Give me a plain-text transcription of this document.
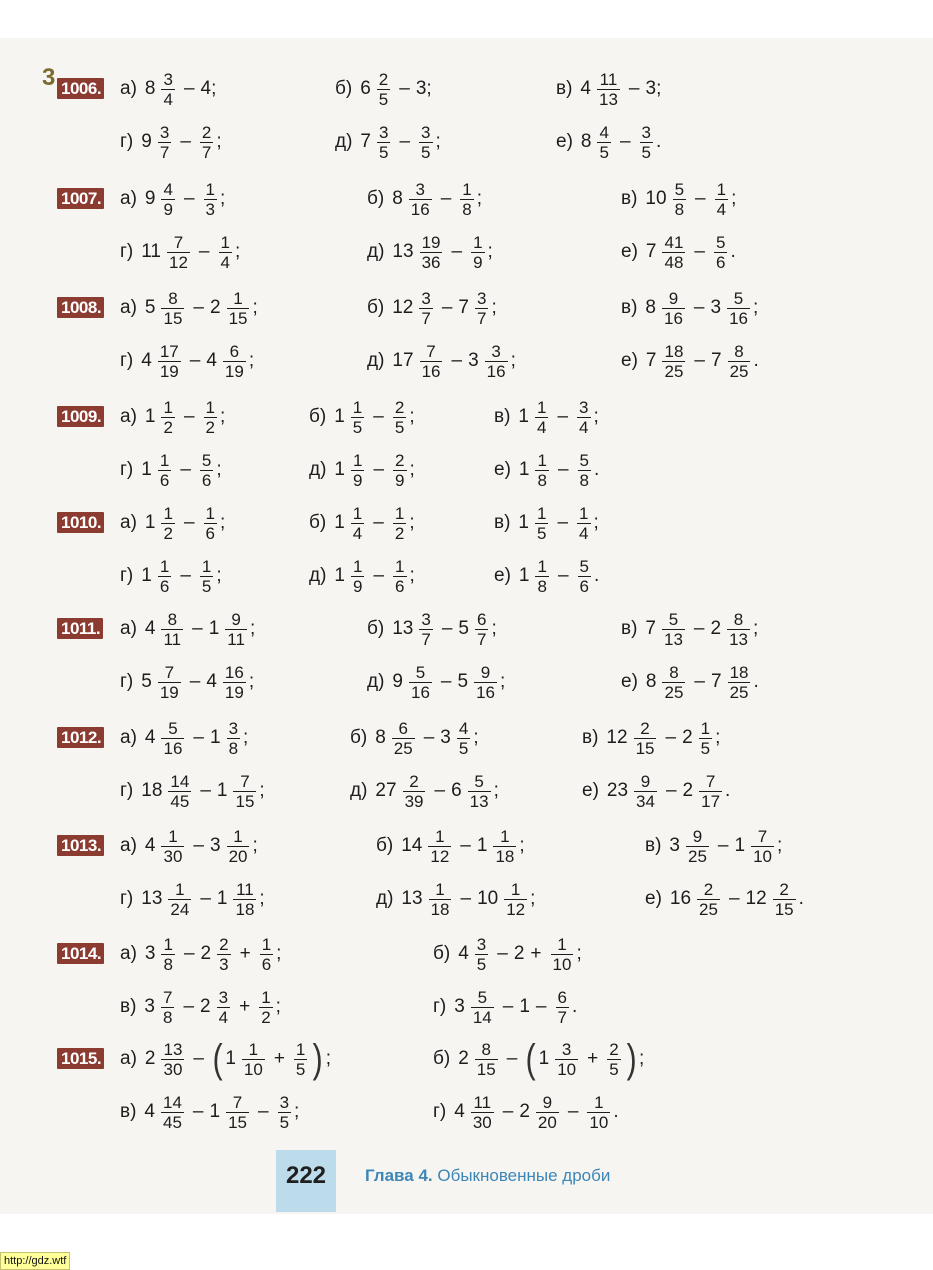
3 1006. а) $8 \frac{3}{4} - 4$ ;	б) $6 \frac{2}{5} - 3$ ;	в) $4 \frac{11}{13} - 3$ ;
г) $9 \frac{3}{7} - \frac{2}{7}$ ;	д) $7 \frac{3}{5} - \frac{3}{5}$ ;	е) $8 \frac{4}{5} - \frac{3}{5}$ .
1007. а) $9 \frac{4}{9} - \frac{1}{3}$ ;	б) $8 \frac{3}{16} - \frac{1}{8}$ ;	в) $10 \frac{5}{8} - \frac{1}{4}$ ;
г) $11 \frac{7}{12} - \frac{1}{4}$ ;	д) $13 \frac{19}{36} - \frac{1}{9}$ ;	е) $7 \frac{41}{48} - \frac{5}{6}$ .
1008. а) $5 \frac{8}{15} - 2 \frac{1}{15}$ ;	б) $12 \frac{3}{7} - 7 \frac{3}{7}$ ;	в) $8 \frac{9}{16} - 3 \frac{5}{16}$ ;
г) $4 \frac{17}{19} - 4 \frac{6}{19}$ ;	д) $17 \frac{7}{16} - 3 \frac{3}{16}$ ;	е) $7 \frac{18}{25} - 7 \frac{8}{25}$ .
1009. а) $1 \frac{1}{2} - \frac{1}{2}$ ;	б) $1 \frac{1}{5} - \frac{2}{5}$ ;	в) $1 \frac{1}{4} - \frac{3}{4}$ ;
г) $1 \frac{1}{6} - \frac{5}{6}$ ;	д) $1 \frac{1}{9} - \frac{2}{9}$ ;	е) $1 \frac{1}{8} - \frac{5}{8}$ .
1010. а) $1 \frac{1}{2} - \frac{1}{6}$ ;	б) $1 \frac{1}{4} - \frac{1}{2}$ ;	в) $1 \frac{1}{5} - \frac{1}{4}$ ;
г) $1 \frac{1}{6} - \frac{1}{5}$ ;	д) $1 \frac{1}{9} - \frac{1}{6}$ ;	е) $1 \frac{1}{8} - \frac{5}{6}$ .
1011. а) $4 \frac{8}{11} - 1 \frac{9}{11}$ ;	б) $13 \frac{3}{7} - 5 \frac{6}{7}$ ;	в) $7 \frac{5}{13} - 2 \frac{8}{13}$ ;
г) $5 \frac{7}{19} - 4 \frac{16}{19}$ ;	д) $9 \frac{5}{16} - 5 \frac{9}{16}$ ;	е) $8 \frac{8}{25} - 7 \frac{18}{25}$ .
1012. а) $4 \frac{5}{16} - 1 \frac{3}{8}$ ;	б) $8 \frac{6}{25} - 3 \frac{4}{5}$ ;	в) $12 \frac{2}{15} - 2 \frac{1}{5}$ ;
г) $18 \frac{14}{45} - 1 \frac{7}{15}$ ;	д) $27 \frac{2}{39} - 6 \frac{5}{13}$ ;	е) $23 \frac{9}{34} - 2 \frac{7}{17}$ .
1013. а) $4 \frac{1}{30} - 3 \frac{1}{20}$ ;	б) $14 \frac{1}{12} - 1 \frac{1}{18}$ ;	в) $3 \frac{9}{25} - 1 \frac{7}{10}$ ;
г) $13 \frac{1}{24} - 1 \frac{11}{18}$ ;	д) $13 \frac{1}{18} - 10 \frac{1}{12}$ ;	е) $16 \frac{2}{25} - 12 \frac{2}{15}$ .
1014. а) $3 \frac{1}{8} - 2 \frac{2}{3} + \frac{1}{6}$ ;	б) $4 \frac{3}{5} - 2 + \frac{1}{10}$ ;
в) $3 \frac{7}{8} - 2 \frac{3}{4} + \frac{1}{2}$ ;	г) $3 \frac{5}{14} - 1 - \frac{6}{7}$ .
1015. а) $2 \frac{13}{30}$ – ( $1 \frac{1}{10} + \frac{1}{5}$ ) ;	б) $2 \frac{8}{15}$ – ( $1 \frac{3}{10} + \frac{2}{5}$ ) ;
в) $4 \frac{14}{45} - 1 \frac{7}{15} - \frac{3}{5}$ ;	г) $4 \frac{11}{30} - 2 \frac{9}{20} - \frac{1}{10}$ .
222	Глава 4. Обыкновенные дроби
http://gdz.wtf
